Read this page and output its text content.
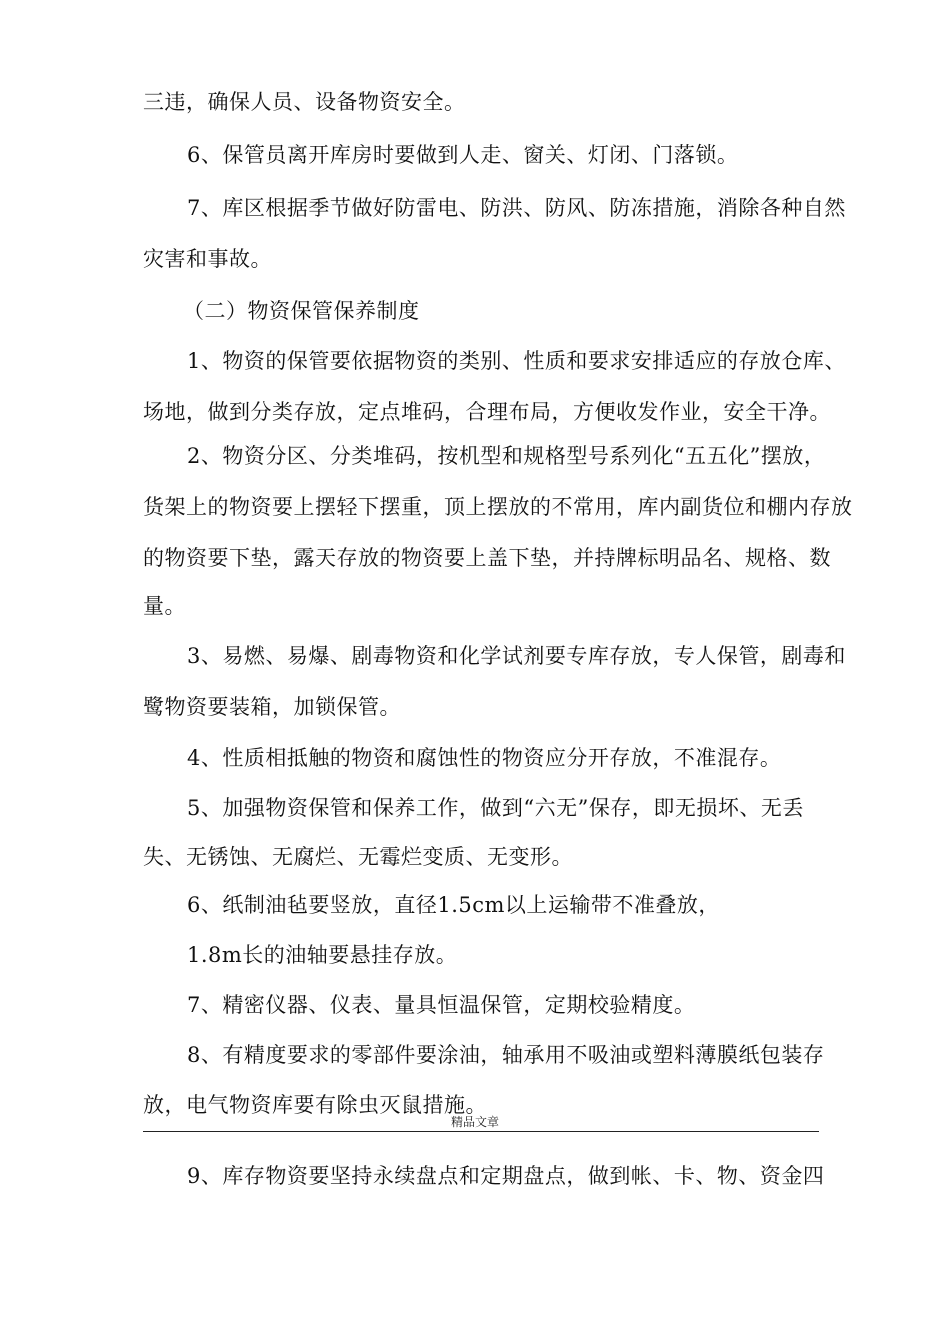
三违，确保人员、设备物资安全。
6、保管员离开库房时要做到人走、窗关、灯闭、门落锁。
7、库区根据季节做好防雷电、防洪、防风、防冻措施，消除各种自然
灾害和事故。
（二）物资保管保养制度
1、物资的保管要依据物资的类别、性质和要求安排适应的存放仓库、
场地，做到分类存放，定点堆码，合理布局，方便收发作业，安全干净。
2、物资分区、分类堆码，按机型和规格型号系列化“五五化”摆放，
货架上的物资要上摆轻下摆重，顶上摆放的不常用，库内副货位和棚内存放
的物资要下垫，露天存放的物资要上盖下垫，并持牌标明品名、规格、数
量。
3、易燃、易爆、剧毒物资和化学试剂要专库存放，专人保管，剧毒和
鹭物资要装箱，加锁保管。
4、性质相抵触的物资和腐蚀性的物资应分开存放，不准混存。
5、加强物资保管和保养工作，做到“六无”保存，即无损坏、无丢
失、无锈蚀、无腐烂、无霉烂变质、无变形。
6、纸制油毡要竖放，直径1.5cm以上运输带不准叠放，
1.8m长的油轴要悬挂存放。
7、精密仪器、仪表、量具恒温保管，定期校验精度。
8、有精度要求的零部件要涂油，轴承用不吸油或塑料薄膜纸包装存
放，电气物资库要有除虫灭鼠措施。
精品文章
9、库存物资要坚持永续盘点和定期盘点，做到帐、卡、物、资金四
